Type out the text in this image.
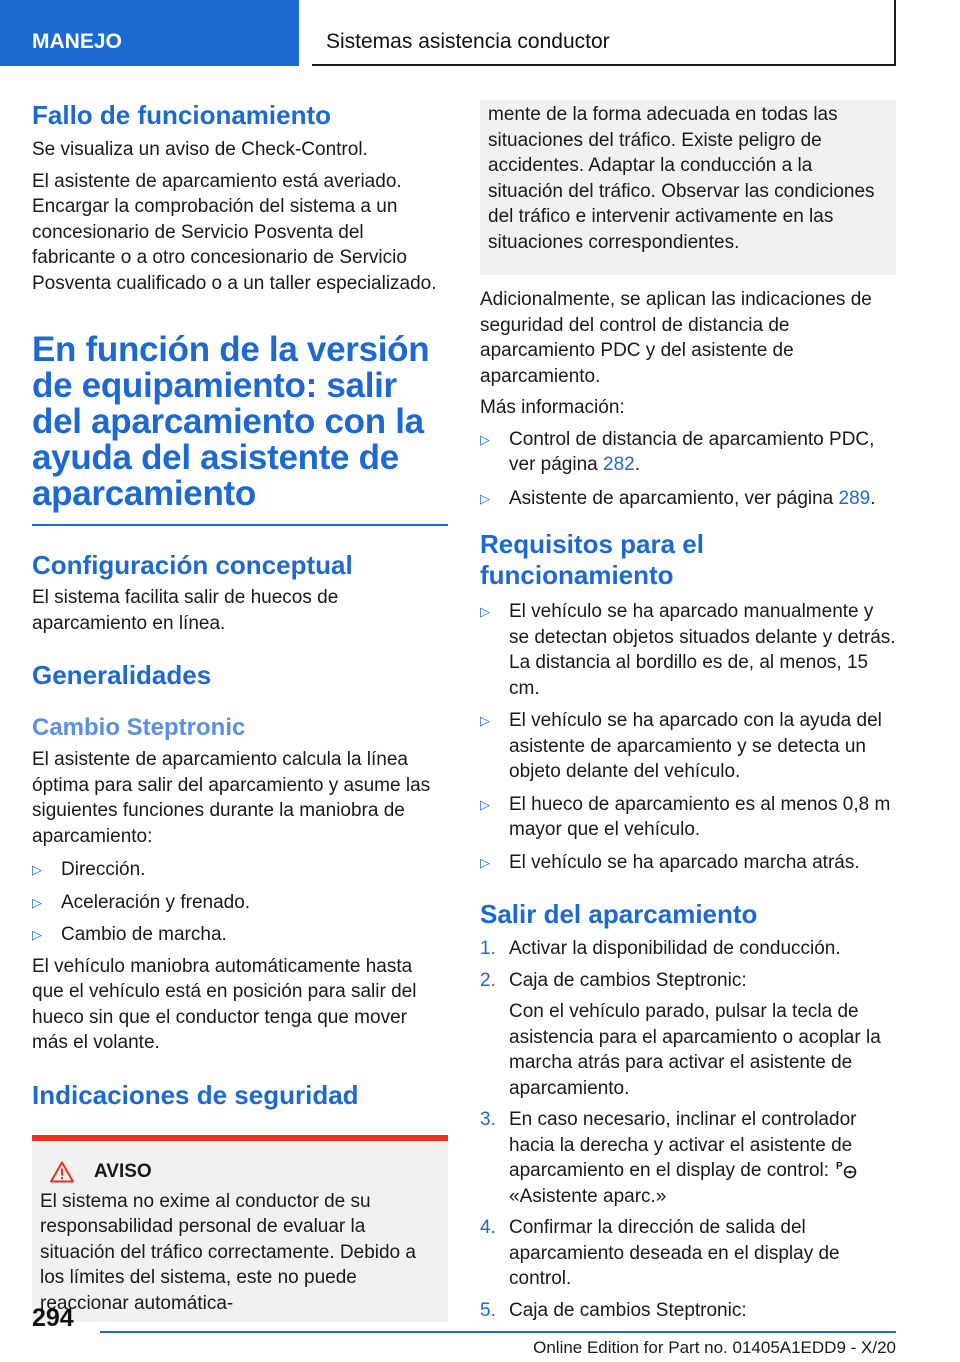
MANEJO	Sistemas asistencia conductor
Fallo de funcionamiento

Se visualiza un aviso de Check-Control.

El asistente de aparcamiento está averiado. Encargar la comprobación del sistema a un concesionario de Servicio Posventa del fabricante o a otro concesionario de Servicio Posventa cualificado o a un taller especializado.

En función de la versión de equipamiento: salir del aparcamiento con la ayuda del asistente de aparcamiento
Configuración conceptual

El sistema facilita salir de huecos de aparcamiento en línea.

Generalidades
Cambio Steptronic

El asistente de aparcamiento calcula la línea óptima para salir del aparcamiento y asume las siguientes funciones durante la maniobra de aparcamiento:

▷ Dirección.
▷ Aceleración y frenado.
▷ Cambio de marcha.

El vehículo maniobra automáticamente hasta que el vehículo está en posición para salir del hueco sin que el conductor tenga que mover más el volante.

Indicaciones de seguridad
AVISO

El sistema no exime al conductor de su responsabilidad personal de evaluar la situación del tráfico correctamente. Debido a los límites del sistema, este no puede reaccionar automática-

mente de la forma adecuada en todas las situaciones del tráfico. Existe peligro de accidentes. Adaptar la conducción a la situación del tráfico. Observar las condiciones del tráfico e intervenir activamente en las situaciones correspondientes.

Adicionalmente, se aplican las indicaciones de seguridad del control de distancia de aparcamiento PDC y del asistente de aparcamiento.

Más información:

▷ Control de distancia de aparcamiento PDC, ver página 282.
▷ Asistente de aparcamiento, ver página 289.
Requisitos para el funcionamiento
▷ El vehículo se ha aparcado manualmente y se detectan objetos situados delante y detrás. La distancia al bordillo es de, al menos, 15 cm.
▷ El vehículo se ha aparcado con la ayuda del asistente de aparcamiento y se detecta un objeto delante del vehículo.
▷ El hueco de aparcamiento es al menos 0,8 m mayor que el vehículo.
▷ El vehículo se ha aparcado marcha atrás.
Salir del aparcamiento
1. Activar la disponibilidad de conducción.
2. Caja de cambios Steptronic:
Con el vehículo parado, pulsar la tecla de asistencia para el aparcamiento o acoplar la marcha atrás para activar el asistente de aparcamiento.
3. En caso necesario, inclinar el controlador hacia la derecha y activar el asistente de aparcamiento en el display de control: P
«Asistente aparc.»
4. Confirmar la dirección de salida del aparcamiento deseada en el display de control.
5. Caja de cambios Steptronic:
294
Online Edition for Part no. 01405A1EDD9 - X/20
